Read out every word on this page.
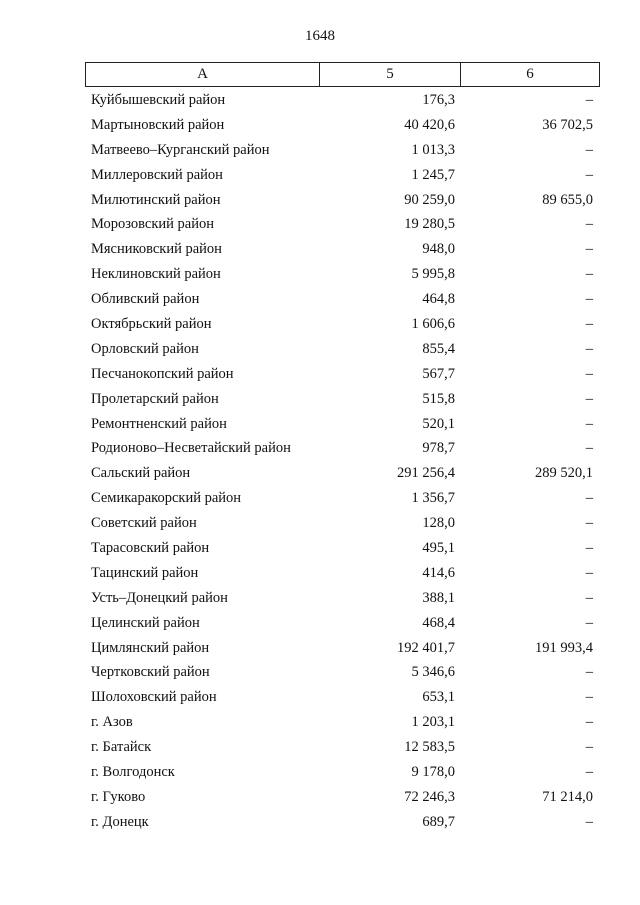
1648
А	5	6
Куйбышевский район	176,3	–
Мартыновский район	40 420,6	36 702,5
Матвеево–Курганский район	1 013,3	–
Миллеровский район	1 245,7	–
Милютинский район	90 259,0	89 655,0
Морозовский район	19 280,5	–
Мясниковский район	948,0	–
Неклиновский район	5 995,8	–
Обливский район	464,8	–
Октябрьский район	1 606,6	–
Орловский район	855,4	–
Песчанокопский район	567,7	–
Пролетарский район	515,8	–
Ремонтненский район	520,1	–
Родионово–Несветайский район	978,7	–
Сальский район	291 256,4	289 520,1
Семикаракорский район	1 356,7	–
Советский район	128,0	–
Тарасовский район	495,1	–
Тацинский район	414,6	–
Усть–Донецкий район	388,1	–
Целинский район	468,4	–
Цимлянский район	192 401,7	191 993,4
Чертковский район	5 346,6	–
Шолоховский район	653,1	–
г. Азов	1 203,1	–
г. Батайск	12 583,5	–
г. Волгодонск	9 178,0	–
г. Гуково	72 246,3	71 214,0
г. Донецк	689,7	–
